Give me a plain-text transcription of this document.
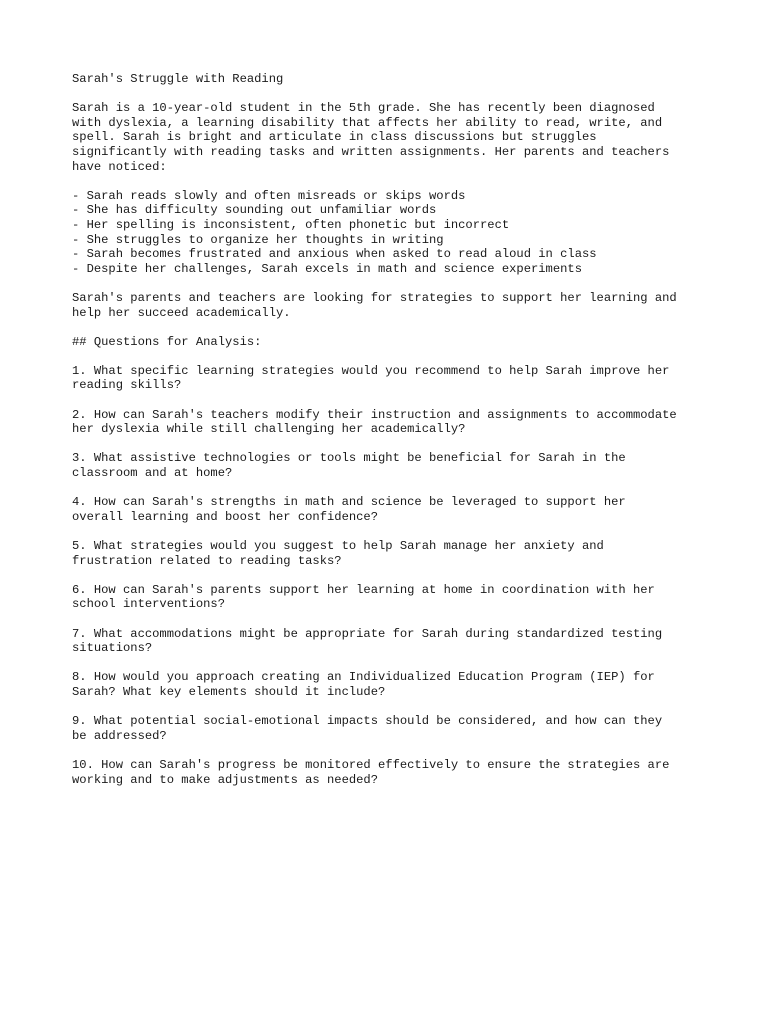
Sarah's Struggle with Reading
Sarah is a 10-year-old student in the 5th grade. She has recently been diagnosed
with dyslexia, a learning disability that affects her ability to read, write, and
spell. Sarah is bright and articulate in class discussions but struggles
significantly with reading tasks and written assignments. Her parents and teachers
have noticed:
- Sarah reads slowly and often misreads or skips words
- She has difficulty sounding out unfamiliar words
- Her spelling is inconsistent, often phonetic but incorrect
- She struggles to organize her thoughts in writing
- Sarah becomes frustrated and anxious when asked to read aloud in class
- Despite her challenges, Sarah excels in math and science experiments
Sarah's parents and teachers are looking for strategies to support her learning and
help her succeed academically.
## Questions for Analysis:
1. What specific learning strategies would you recommend to help Sarah improve her
reading skills?
2. How can Sarah's teachers modify their instruction and assignments to accommodate
her dyslexia while still challenging her academically?
3. What assistive technologies or tools might be beneficial for Sarah in the
classroom and at home?
4. How can Sarah's strengths in math and science be leveraged to support her
overall learning and boost her confidence?
5. What strategies would you suggest to help Sarah manage her anxiety and
frustration related to reading tasks?
6. How can Sarah's parents support her learning at home in coordination with her
school interventions?
7. What accommodations might be appropriate for Sarah during standardized testing
situations?
8. How would you approach creating an Individualized Education Program (IEP) for
Sarah? What key elements should it include?
9. What potential social-emotional impacts should be considered, and how can they
be addressed?
10. How can Sarah's progress be monitored effectively to ensure the strategies are
working and to make adjustments as needed?
